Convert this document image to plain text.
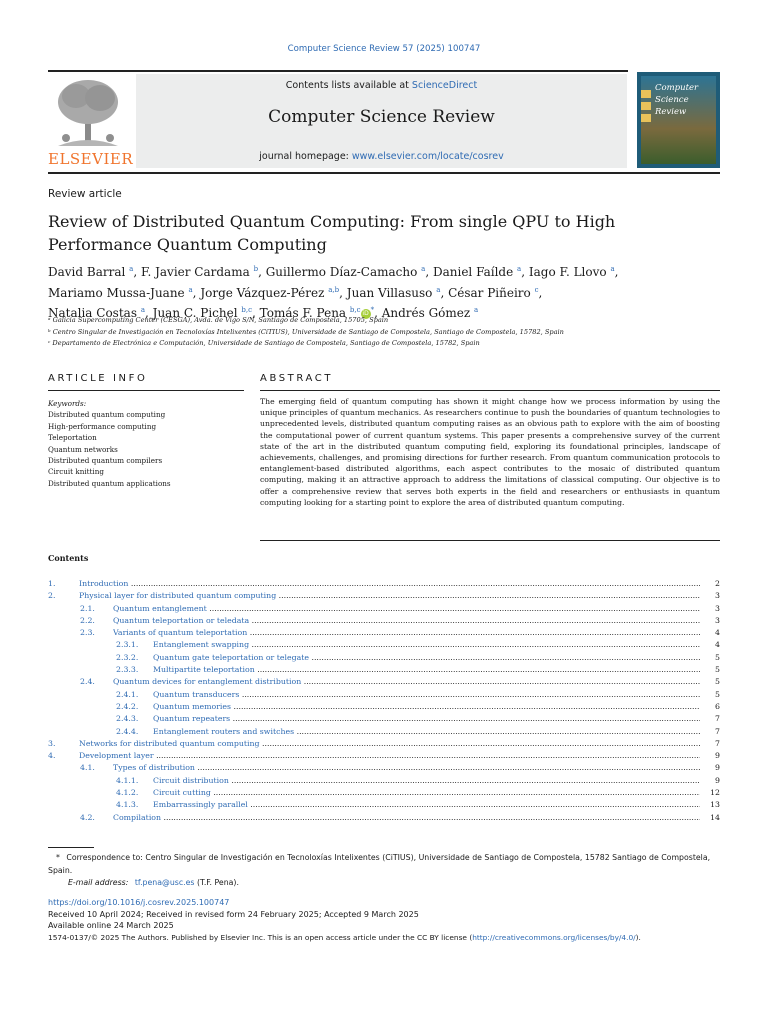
Computer Science Review 57 (2025) 100747
ELSEVIER
Contents lists available at ScienceDirect
Computer Science Review
journal homepage: www.elsevier.com/locate/cosrev
Computer
Science
Review
Review article
Review of Distributed Quantum Computing: From single QPU to High Performance Quantum Computing
David Barral $^a$, F. Javier Cardama $^b$, Guillermo Díaz-Camacho $^a$, Daniel Faílde $^a$, Iago F. Llovo $^a$,
Mariamo Mussa-Juane $^a$, Jorge Vázquez-Pérez $^{a,b}$, Juan Villasuso $^a$, César Piñeiro $^c$,
Natalia Costas $^a$, Juan C. Pichel $^{b,c}$, Tomás F. Pena $^{b,c}$ iD *, Andrés Gómez $^a$
ᵃ Galicia Supercomputing Center (CESGA), Avda. de Vigo S/N, Santiago de Compostela, 15705, Spain
ᵇ Centro Singular de Investigación en Tecnoloxías Intelixentes (CiTIUS), Universidade de Santiago de Compostela, Santiago de Compostela, 15782, Spain
ᶜ Departamento de Electrónica e Computación, Universidade de Santiago de Compostela, Santiago de Compostela, 15782, Spain
ARTICLE INFO	ABSTRACT
Keywords:
Distributed quantum computing
High-performance computing
Teleportation
Quantum networks
Distributed quantum compilers
Circuit knitting
Distributed quantum applications
The emerging field of quantum computing has shown it might change how we process information by using the unique principles of quantum mechanics. As researchers continue to push the boundaries of quantum technologies to unprecedented levels, distributed quantum computing raises as an obvious path to explore with the aim of boosting the computational power of current quantum systems. This paper presents a comprehensive survey of the current state of the art in the distributed quantum computing field, exploring its foundational principles, landscape of achievements, challenges, and promising directions for further research. From quantum communication protocols to entanglement-based distributed algorithms, each aspect contributes to the mosaic of distributed quantum computing, making it an attractive approach to address the limitations of classical computing. Our objective is to offer a comprehensive review that serves both experts in the field and researchers or enthusiasts in quantum computing looking for a starting point to explore the area of distributed quantum computing.
Contents
1.	Introduction .....	2
2.	Physical layer for distributed quantum computing .....	3
2.1. Quantum entanglement .....	3
2.2. Quantum teleportation or teledata .....	3
2.3. Variants of quantum teleportation .....	4
2.3.1. Entanglement swapping .....	4
2.3.2. Quantum gate teleportation or telegate .....	5
2.3.3. Multipartite teleportation .....	5
2.4. Quantum devices for entanglement distribution .....	5
2.4.1. Quantum transducers .....	5
2.4.2. Quantum memories .....	6
2.4.3. Quantum repeaters .....	7
2.4.4. Entanglement routers and switches .....	7
3.	Networks for distributed quantum computing .....	7
4.	Development layer .....	9
4.1. Types of distribution .....	9
4.1.1. Circuit distribution .....	9
4.1.2. Circuit cutting .....	12
4.1.3. Embarrassingly parallel .....	13
4.2. Compilation .....	14
* Correspondence to: Centro Singular de Investigación en Tecnoloxías Intelixentes (CiTIUS), Universidade de Santiago de Compostela, 15782 Santiago de Compostela, Spain.
E-mail address: tf.pena@usc.es (T.F. Pena).
https://doi.org/10.1016/j.cosrev.2025.100747
Received 10 April 2024; Received in revised form 24 February 2025; Accepted 9 March 2025
Available online 24 March 2025
1574-0137/© 2025 The Authors. Published by Elsevier Inc. This is an open access article under the CC BY license (http://creativecommons.org/licenses/by/4.0/).
